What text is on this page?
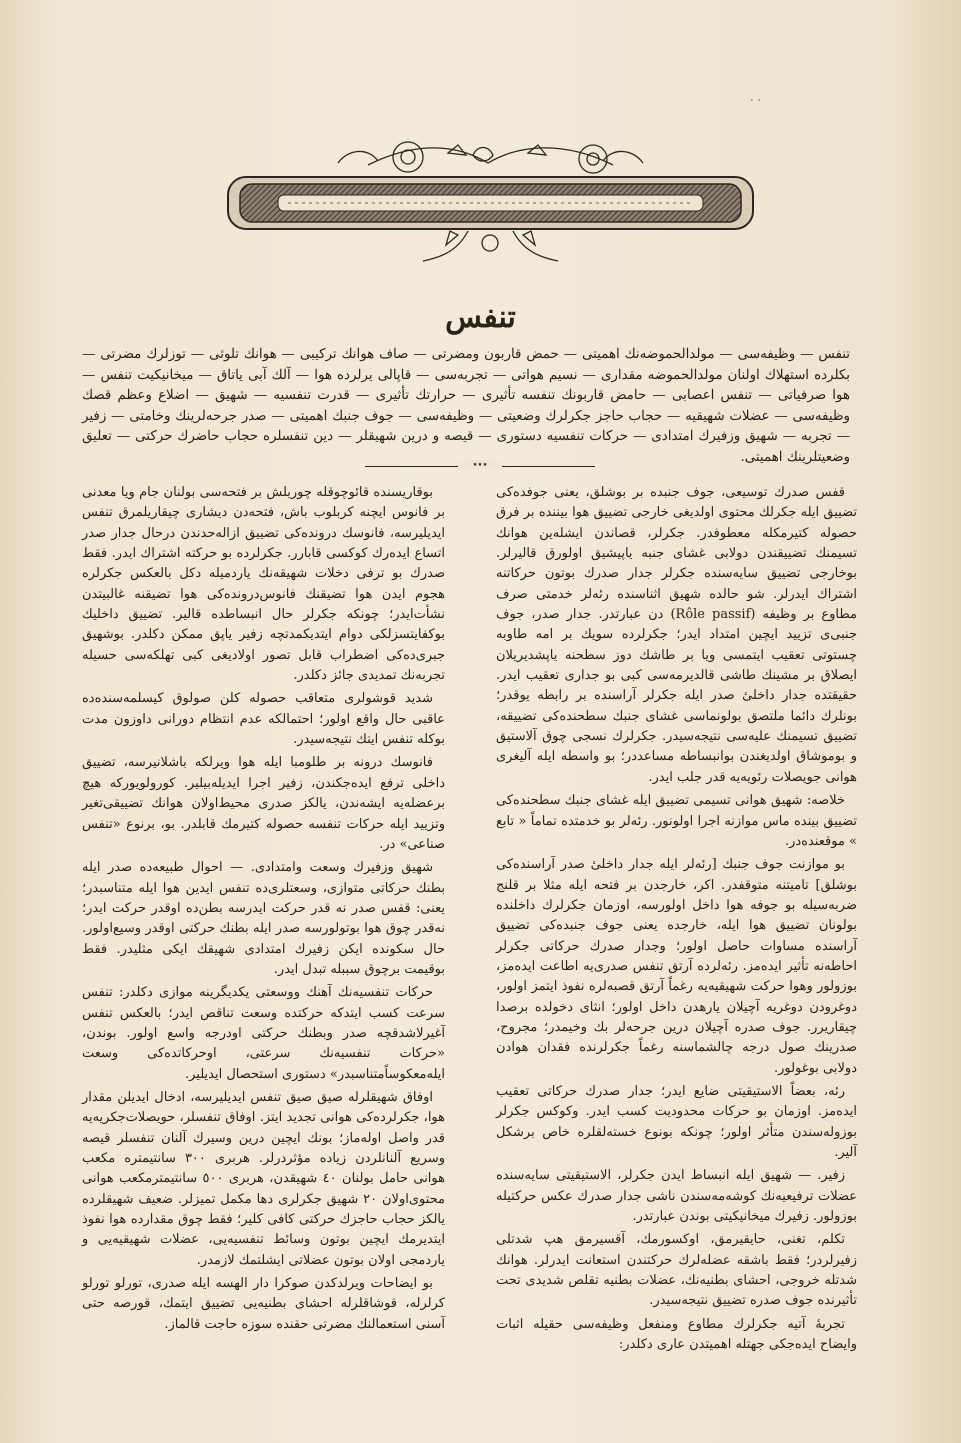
٠٠
تنفس

تنفس — وظیفه‌سی — مولدالحموضه‌نك اهمیتی — حمض قاربون ومضرتی — صاف هوانك تركیبی — هوانك تلوثی — توزلرك مضرتی — بكلرده استهلاك اولنان مولدالحموضه مقداری — نسیم هواتی — تجربه‌سی — قاپالی یرلرده هوا — آلك آبی یاتاق — میخانیكیت تنفس — هوا صرفیاتی — تنفس اعصابی — حامض قاربونك تنفسه تأثیری — حرارتك تأثیری — قدرت تنفسیه — شهیق — اضلاع وعظم قصك وظیفه‌سی — عضلات شهیقیه — حجاب حاجز جكرلرك وضعیتی — وظیفه‌سی — جوف جنبك اهمیتی — صدر جرحه‌لرینك وخامتی — زفیر — تجربه — شهیق وزفیرك امتدادی — حركات تنفسیه دستوری — قیصه و درین شهیقلر — دین تنفسلره حجاب حاضرك حركتی — تعلیق وضعیتلرینك اهمیتی.

٭٭٭

قفس صدرك توسیعی، جوف جنبده بر بوشلق، یعنی جوفده‌كی تضییق ایله جكرلك محتوی اولدیغی خارجی تضییق هوا بیننده بر فرق حصوله كتیرمكله معطوفدر. جكرلر، قصاندن ایشله‌ین هوانك تسیمنك تضییقندن دولابی غشای جنبه یاپیشیق اولورق قالیرلر. بوخارجی تضییق سایه‌سنده جكرلر جدار صدرك بوتون حركاتنه اشتراك ایدرلر. شو حالده شهیق اثناسنده رئه‌لر خدمتی صرف مطاوع بر وظیفه (Rôle passif) دن عبارتدر. جدار صدر، جوف جنبی‌ی تزیید ایچین امتداد ایدر؛ جكرلرده سویك بر امه طاوبه چستوتی تعقیب ایتمسی ویا بر طاشك دوز سطحنه یاپشدیریلان ایصلاق بر مشینك طاشی قالدیرمه‌سی كبی بو جداری تعقیب ایدر. حقیقتده جدار داخلیٔ صدر ایله جكرلر آراسنده بر رابطه یوقدر؛ بونلرك دائما ملتصق بولونماسی غشای جنبك سطحنده‌كی تضییقه، تضییق تسیمنك علیه‌سی نتیجه‌سیدر. جكرلرك نسجی چوق آلاستیق و بوموشاق اولدیغندن بوانبساطه مساعددر؛ بو واسطه ایله آلیغری هوانی جویصلات رئویه‌یه قدر جلب ایدر.

خلاصه: شهیق هوانی تسیمی تضییق ایله غشای جنبك سطحنده‌كی تضییق بینده ماس موازنه اجرا اولونور. رئه‌لر بو خدمتده تماماً « تابع » موقعنده‌در.

بو موازنت جوف جنبك [رئه‌لر ایله جدار داخلیٔ صدر آراسنده‌كی بوشلق] تامیتنه متوقفدر. اكر، خارجدن بر فتحه ایله مثلا بر قلنج ضربه‌سیله بو جوفه هوا داخل اولورسه، اوزمان جكرلرك داخلنده بولونان تضییق هوا ایله، خارجده یعنی جوف جنبده‌كی تضییق آراسنده مساوات حاصل اولور؛ وجدار صدرك حركاتی جكرلر احاطه‌نه تأثیر ایده‌مز. رئه‌لرده آرتق تنفس صدری‌یه اطاعت ایده‌مز، بوزولور وهوا حركت شهیقیه‌یه رغماً آرتق قصبه‌لره نفوذ ایتمز اولور، دوغرودن دوغریه آچیلان یارهدن داخل اولور؛ انثای دخولده برصدا چیقاریرر. جوف صدره آچیلان درین جرحه‌لر بك وخیمدر؛ مجروح، صدرینك صول درجه چالشماسنه رغماً جكرلرنده فقدان هوادن دولابی بوغولور.

رئه، بعضاً الاستیقیتی ضایع ایدر؛ جدار صدرك حركاتی تعقیب ایده‌مز. اوزمان بو حركات محدودیت كسب ایدر. وكوكس جكرلر بوزوله‌سندن متأثر اولور؛ چونكه بونوع خسته‌لقلره خاص برشكل آلیر.

زفیر. — شهیق ایله انبساط ایدن جكرلر، الاستیقیتی سایه‌سنده عضلات ترفیعیه‌نك كوشه‌مه‌سندن ناشی جدار صدرك عكس حركتیله بوزولور. زفیرك میخانیكیتی بوندن عبارتدر.

تكلم، تغنی، حایقیرمق، اوكسورمك، آقسیرمق هپ شدتلی زفیرلردر؛ فقط باشقه عضله‌لرك حركتندن استعانت ایدرلر. هوانك شدتله خروجی، احشای بطنیه‌نك، عضلات بطنیه تقلص شدیدی تحت تأثیرنده جوف صدره تضییق نتیجه‌سیدر.

تجربهٔ آتیه جكرلرك مطاوع ومنفعل وظیفه‌سی حقیله اثبات وایضاح ایده‌جكی جهتله اهمیتدن عاری دكلدر:

بوقاریسنده قائوچوقله چوریلش بر فتحه‌سی بولنان جام ویا معدنی بر فانوس ایچنه كربلوب باش، فتحه‌دن دیشاری چیقاریلمرق تنفس ایدیلیرسه، فانوسك درونده‌كی تضییق ازاله‌حدندن درحال جدار صدر اتساع ایده‌رك كوكسی قابارر. جكرلرده بو حركته اشتراك ایدر. فقط صدرك بو ترفی دخلات شهیقه‌نك یاردمیله دكل بالعكس جكرلره هجوم ایدن هوا تضیقنك فانوس‌درونده‌كی هوا تضیقنه غالبیتدن نشأت‌ایدر؛ چونكه جكرلر حال انبساطده قالیر. تضییق داخلیك بوكفا‌یتسزلكی دوام ایتدیكمدتچه زفیر یاپق ممكن دكلدر. بوشهیق جبری‌ده‌كی اضطراب قابل تصور اولادیغی كبی تهلكه‌سی حسیله تجربه‌نك تمدیدی جائز دكلدر.

شدید قوشولری متعاقب حصوله كلن صولوق كیسلمه‌سنده‌ده عاقبی حال واقع اولور؛ احتمالكه عدم انتظام دورانی داوزون مدت بوكله تنفس ایتك نتیجه‌سیدر.

فانوسك درونه بر طلومبا ایله هوا ویرلكه باشلانیرسه، تضییق داخلی ترفع ایده‌جكندن، زفیر اجرا ایدیله‌بیلیر. كورولویوركه هیچ برعضله‌یه ایشه‌ندن، یالكز صدری محیط‌اولان هوانك تضییقی‌تغیر وتزیید ایله حركات تنفسه حصوله كتیرمك قابلدر. بو، برنوع «تنفس صناعی» در.

شهیق وزفیرك وسعت وامتدادی. — احوال طبیعه‌ده صدر ایله بطنك حركاتی متوازی، وسعتلری‌ده تنفس ایدین هوا ایله متناسبدر؛ یعنی: قفس صدر نه قدر حركت ایدرسه بطن‌ده اوقدر حركت ایدر؛ نه‌قدر چوق هوا بوتولورسه صدر ایله بطنك حركتی اوقدر وسیع‌اولور. حال سكونده ایكن زفیرك امتدادی شهیقك ایكی مثلیدر. فقط بوقیمت برچوق سببله تبدل ایدر.

حركات تنفسیه‌نك آهنك ووسعتی یكدیگرینه موازی دكلدر: تنفس سرعت كسب ایتدكه حركتده وسعت تناقص ایدر؛ بالعكس تنفس آغیرلاشدقچه صدر وبطنك حركتی اودرجه واسع اولور. بوندن، «حركات تنفسیه‌نك سرعتی، اوحركاتده‌كی وسعت ایله‌معكوساً‌متناسبدر» دستوری استحصال ایدیلیر.

اوفاق شهیقلرله صیق صیق تنفس ایدیلیرسه، ادخال ایدیلن مقدار هوا، جكرلرده‌كی هوانی تجدید ایتز. اوفاق تنفسلر، حویصلات‌جكریه‌یه قدر واصل اوله‌ماز؛ بونك ایچین درین وسیرك آلنان تنفسلر قیصه وسریع آلنانلردن زیاده مؤثردرلر. هربری ٣٠٠ سانتیمتره مكعب هوانی حامل بولنان ٤٠ شهیقدن، هربری ٥٠٠ سانتیمترمكعب هوانی محتوی‌اولان ٢٠ شهیق جكرلری دها مكمل تمیزلر. ضعیف شهیقلرده یالكز حجاب حاجزك حركتی كافی كلیر؛ فقط چوق مقدارده هوا نفوذ ایتدیرمك ایچین بوتون وسائط تنفسیه‌یی، عضلات شهیقیه‌یی و یاردمجی اولان بوتون عضلاتی ایشلتمك لازمدر.

بو ایضاحات ویرلدكدن صوكرا دار الهسه ایله صدری، تورلو تورلو كرلرله، قوشاقلرله احشای بطنیه‌یی تضییق ایتمك، قورصه حتی آسنی استعمالنك مضرتی حقنده سوزه حاجت قالماز.
